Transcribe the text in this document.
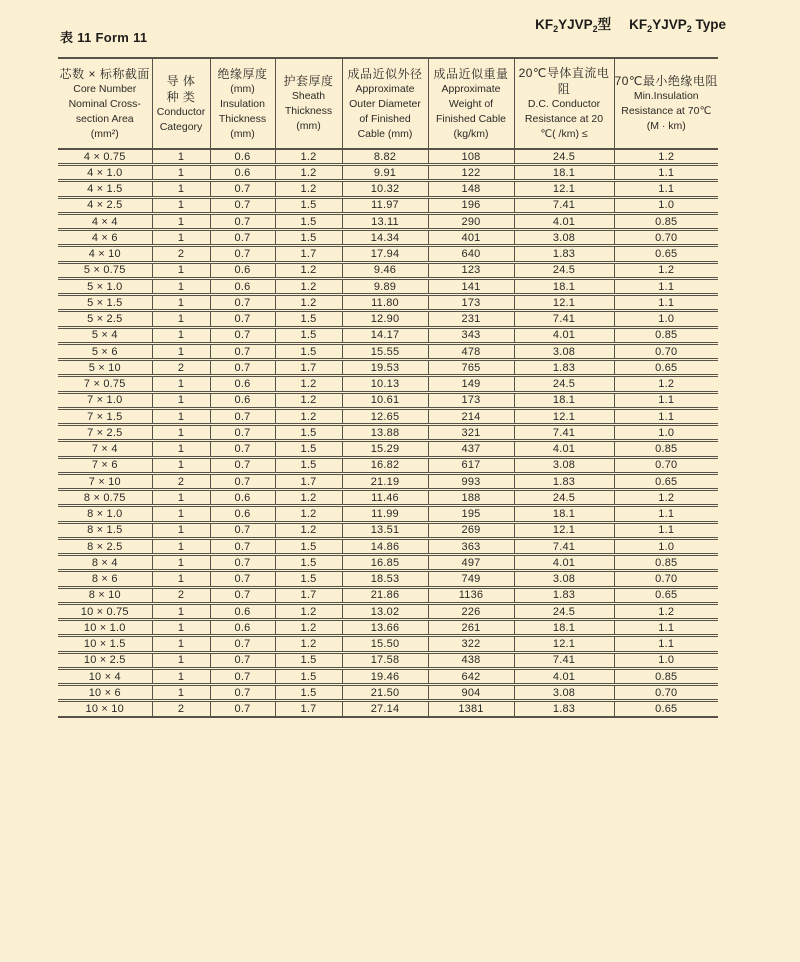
表 11 Form 11
$KF_2YJVP_2$型 $KF_2YJVP_2$ Type
芯数 × 标称截面
Core Number
Nominal Cross-
section Area
(mm²)

导 体
种 类
Conductor
Category

绝缘厚度
(mm)
Insulation
Thickness
(mm)

护套厚度
Sheath
Thickness
(mm)

成品近似外径
Approximate
Outer Diameter
of Finished
Cable (mm)

成品近似重量
Approximate
Weight of
Finished Cable
(kg/km)

20℃导体直流电阻
D.C. Conductor
Resistance at 20
℃( /km) ≤

70℃最小绝缘电阻
Min.Insulation
Resistance at 70℃
(M · km)

4 × 0.75	1	0.6	1.2	8.82	108	24.5	1.2
4 × 1.0	1	0.6	1.2	9.91	122	18.1	1.1
4 × 1.5	1	0.7	1.2	10.32	148	12.1	1.1
4 × 2.5	1	0.7	1.5	11.97	196	7.41	1.0
4 × 4	1	0.7	1.5	13.11	290	4.01	0.85
4 × 6	1	0.7	1.5	14.34	401	3.08	0.70
4 × 10	2	0.7	1.7	17.94	640	1.83	0.65
5 × 0.75	1	0.6	1.2	9.46	123	24.5	1.2
5 × 1.0	1	0.6	1.2	9.89	141	18.1	1.1
5 × 1.5	1	0.7	1.2	11.80	173	12.1	1.1
5 × 2.5	1	0.7	1.5	12.90	231	7.41	1.0
5 × 4	1	0.7	1.5	14.17	343	4.01	0.85
5 × 6	1	0.7	1.5	15.55	478	3.08	0.70
5 × 10	2	0.7	1.7	19.53	765	1.83	0.65
7 × 0.75	1	0.6	1.2	10.13	149	24.5	1.2
7 × 1.0	1	0.6	1.2	10.61	173	18.1	1.1
7 × 1.5	1	0.7	1.2	12.65	214	12.1	1.1
7 × 2.5	1	0.7	1.5	13.88	321	7.41	1.0
7 × 4	1	0.7	1.5	15.29	437	4.01	0.85
7 × 6	1	0.7	1.5	16.82	617	3.08	0.70
7 × 10	2	0.7	1.7	21.19	993	1.83	0.65
8 × 0.75	1	0.6	1.2	11.46	188	24.5	1.2
8 × 1.0	1	0.6	1.2	11.99	195	18.1	1.1
8 × 1.5	1	0.7	1.2	13.51	269	12.1	1.1
8 × 2.5	1	0.7	1.5	14.86	363	7.41	1.0
8 × 4	1	0.7	1.5	16.85	497	4.01	0.85
8 × 6	1	0.7	1.5	18.53	749	3.08	0.70
8 × 10	2	0.7	1.7	21.86	1136	1.83	0.65
10 × 0.75	1	0.6	1.2	13.02	226	24.5	1.2
10 × 1.0	1	0.6	1.2	13.66	261	18.1	1.1
10 × 1.5	1	0.7	1.2	15.50	322	12.1	1.1
10 × 2.5	1	0.7	1.5	17.58	438	7.41	1.0
10 × 4	1	0.7	1.5	19.46	642	4.01	0.85
10 × 6	1	0.7	1.5	21.50	904	3.08	0.70
10 × 10	2	0.7	1.7	27.14	1381	1.83	0.65
